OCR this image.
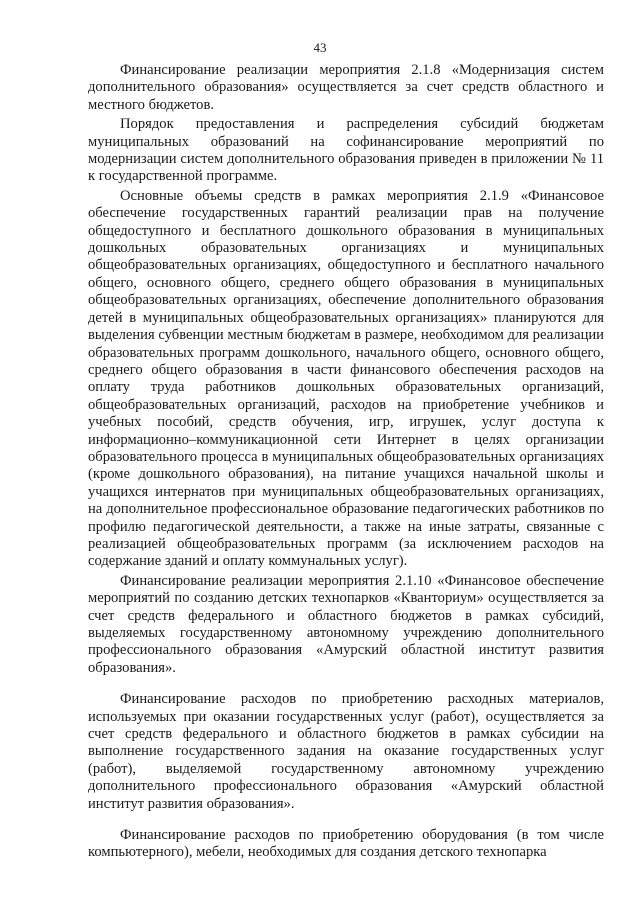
43

Финансирование реализации мероприятия 2.1.8 «Модернизация систем дополнительного образования» осуществляется за счет средств областного и местного бюджетов.

Порядок предоставления и распределения субсидий бюджетам муниципальных образований на софинансирование мероприятий по модернизации систем дополнительного образования приведен в приложении № 11 к государственной программе.

Основные объемы средств в рамках мероприятия 2.1.9 «Финансовое обеспечение государственных гарантий реализации прав на получение общедоступного и бесплатного дошкольного образования в муниципальных дошкольных образовательных организациях и муниципальных общеобразовательных организациях, общедоступного и бесплатного начального общего, основного общего, среднего общего образования в муниципальных общеобразовательных организациях, обеспечение дополнительного образования детей в муниципальных общеобразовательных организациях» планируются для выделения субвенции местным бюджетам в размере, необходимом для реализации образовательных программ дошкольного, начального общего, основного общего, среднего общего образования в части финансового обеспечения расходов на оплату труда работников дошкольных образовательных организаций, общеобразовательных организаций, расходов на приобретение учебников и учебных пособий, средств обучения, игр, игрушек, услуг доступа к информационно–коммуникационной сети Интернет в целях организации образовательного процесса в муниципальных общеобразовательных организациях (кроме дошкольного образования), на питание учащихся начальной школы и учащихся интернатов при муниципальных общеобразовательных организациях, на дополнительное профессиональное образование педагогических работников по профилю педагогической деятельности, а также на иные затраты, связанные с реализацией общеобразовательных программ (за исключением расходов на содержание зданий и оплату коммунальных услуг).

Финансирование реализации мероприятия 2.1.10 «Финансовое обеспечение мероприятий по созданию детских технопарков «Кванториум» осуществляется за счет средств федерального и областного бюджетов в рамках субсидий, выделяемых государственному автономному учреждению дополнительного профессионального образования «Амурский областной институт развития образования».

Финансирование расходов по приобретению расходных материалов, используемых при оказании государственных услуг (работ), осуществляется за счет средств федерального и областного бюджетов в рамках субсидии на выполнение государственного задания на оказание государственных услуг (работ), выделяемой государственному автономному учреждению дополнительного профессионального образования «Амурский областной институт развития образования».

Финансирование расходов по приобретению оборудования (в том числе компьютерного), мебели, необходимых для создания детского технопарка
